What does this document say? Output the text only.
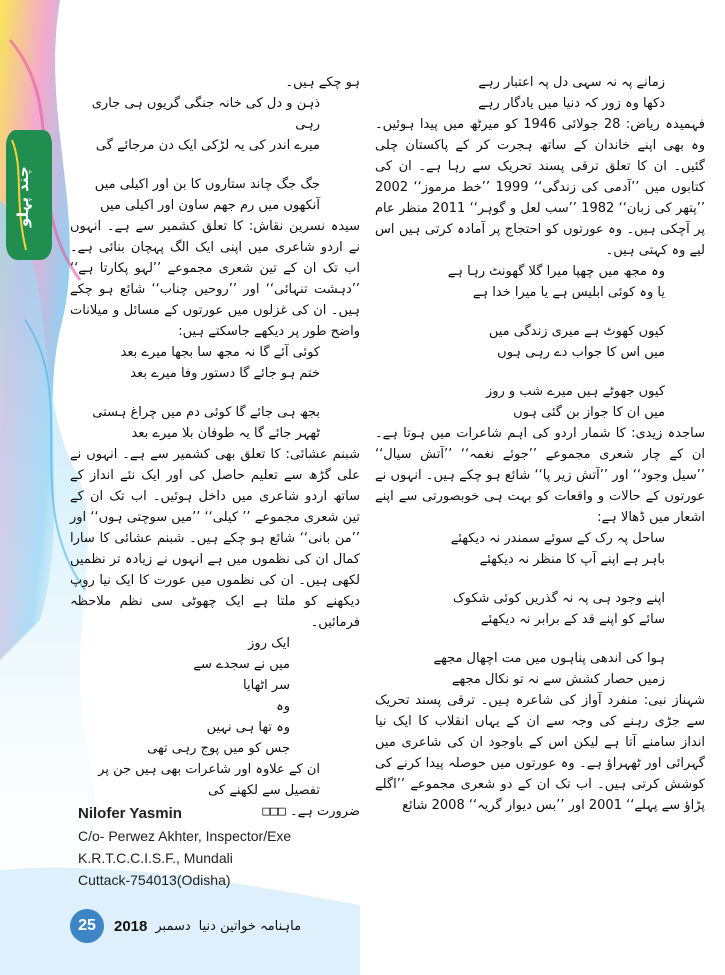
چند پہلو
زمانے پہ نہ سہی دل پہ اعتبار رہے
دکھا وہ زور کہ دنیا میں یادگار رہے
فہمیدہ ریاض: 28 جولائی 1946 کو میرٹھ میں پیدا ہوئیں۔ وہ بھی اپنے خاندان کے ساتھ ہجرت کر کے پاکستان چلی گئیں۔ ان کا تعلق ترقی پسند تحریک سے رہا ہے۔ ان کی کتابوں میں ’’آدمی کی زندگی‘‘ 1999 ’’خط مرموز‘‘ 2002 ’’پتھر کی زبان‘‘ 1982 ’’سب لعل و گوہر‘‘ 2011 منظر عام پر آچکی ہیں۔ وہ عورتوں کو احتجاج پر آمادہ کرتی ہیں اس لیے وہ کہتی ہیں۔
وہ مجھ میں چھپا میرا گلا گھونٹ رہا ہے
یا وہ کوئی ابلیس ہے یا میرا خدا ہے
کیوں کھوٹ ہے میری زندگی میں
میں اس کا جواب دے رہی ہوں
کیوں جھوٹے ہیں میرے شب و روز
میں ان کا جواز بن گئی ہوں
ساجدہ زیدی: کا شمار اردو کی اہم شاعرات میں ہوتا ہے۔ ان کے چار شعری مجموعے ’’جوئے نغمہ‘‘ ’’آتش سیال‘‘ ’’سیل وجود‘‘ اور ’’آتش زیر پا‘‘ شائع ہو چکے ہیں۔ انہوں نے عورتوں کے حالات و واقعات کو بہت ہی خوبصورتی سے اپنے اشعار میں ڈھالا ہے:
ساحل پہ رک کے سوئے سمندر نہ دیکھئے
باہر ہے اپنے آپ کا منظر نہ دیکھئے
اپنے وجود ہی پہ نہ گذریں کوئی شکوک
سائے کو اپنے قد کے برابر نہ دیکھئے
ہوا کی اندھی پناہوں میں مت اچھال مجھے
زمیں حصار کشش سے نہ تو نکال مجھے
شہناز نبی: منفرد آواز کی شاعرہ ہیں۔ ترقی پسند تحریک سے جڑی رہنے کی وجہ سے ان کے یہاں انقلاب کا ایک نیا انداز سامنے آتا ہے لیکن اس کے باوجود ان کی شاعری میں گہرائی اور ٹھہراؤ ہے۔ وہ عورتوں میں حوصلہ پیدا کرنے کی کوشش کرتی ہیں۔ اب تک ان کے دو شعری مجموعے ’’اگلے پڑاؤ سے پہلے‘‘ 2001 اور ’’بس دیوار گریہ‘‘ 2008 شائع
ہو چکے ہیں۔
ذہن و دل کی خانہ جنگی گریوں ہی جاری رہی
میرے اندر کی یہ لڑکی ایک دن مرجائے گی
جگ جگ چاند ستاروں کا بن اور اکیلی میں
آنکھوں میں رم جھم ساون اور اکیلی میں
سیدہ نسرین نقاش: کا تعلق کشمیر سے ہے۔ انہوں نے اردو شاعری میں اپنی ایک الگ پہچان بنائی ہے۔ اب تک ان کے تین شعری مجموعے ’’لہو پکارتا ہے‘‘ ’’دہشت تنہائی‘‘ اور ’’روحیں چناب‘‘ شائع ہو چکے ہیں۔ ان کی غزلوں میں عورتوں کے مسائل و میلانات واضح طور پر دیکھے جاسکتے ہیں:
کوئی آئے گا نہ مجھ سا بجھا میرے بعد
ختم ہو جائے گا دستور وفا میرے بعد
بجھ ہی جائے گا کوئی دم میں چراغ ہستی
ٹھہر جائے گا یہ طوفان بلا میرے بعد
شبنم عشائی: کا تعلق بھی کشمیر سے ہے۔ انہوں نے علی گڑھ سے تعلیم حاصل کی اور ایک نئے انداز کے ساتھ اردو شاعری میں داخل ہوئیں۔ اب تک ان کے تین شعری مجموعے ’’ کیلی‘‘ ’’میں سوچتی ہوں‘‘ اور ’’من بانی‘‘ شائع ہو چکے ہیں۔ شبنم عشائی کا سارا کمال ان کی نظموں میں ہے انہوں نے زیادہ تر نظمیں لکھی ہیں۔ ان کی نظموں میں عورت کا ایک نیا روپ دیکھنے کو ملتا ہے ایک چھوٹی سی نظم ملاحظہ فرمائیں۔
ایک روز
میں نے سجدے سے
سر اٹھایا
وہ
وہ تھا ہی نہیں
جس کو میں پوج رہی تھی
ان کے علاوہ اور شاعرات بھی ہیں جن پر تفصیل سے لکھنے کی
ضرورت ہے۔ □□□
Nilofer Yasmin
C/o- Perwez Akhter, Inspector/Exe
K.R.T.C.C.I.S.F., Mundali
Cuttack-754013(Odisha)
25	2018 دسمبر ماہنامہ خواتین دنیا
